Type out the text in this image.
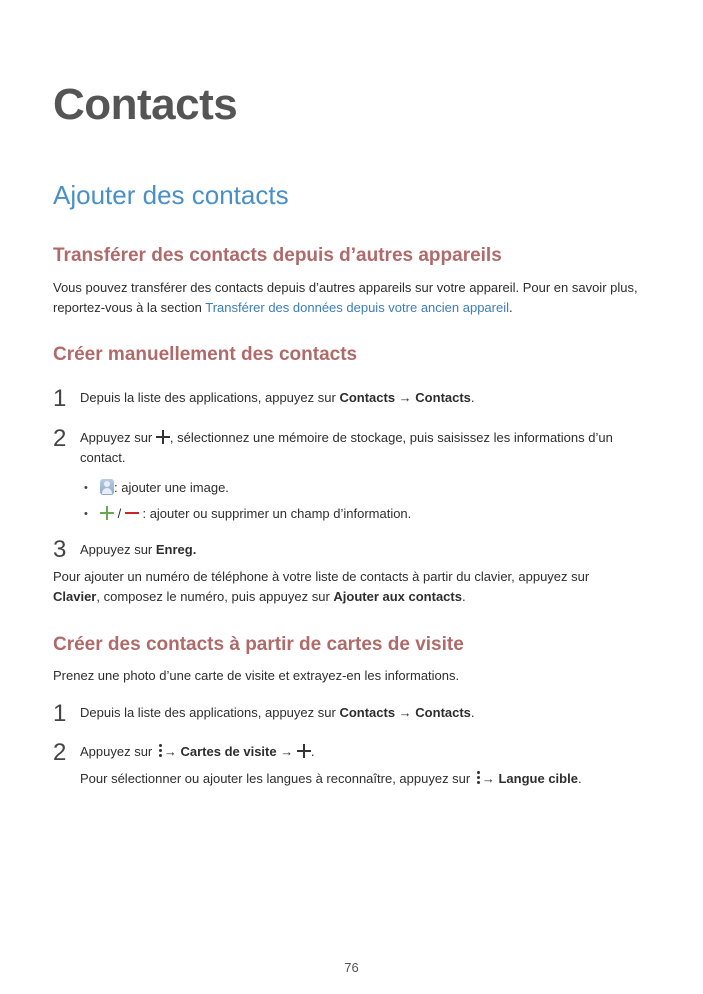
Contacts
Ajouter des contacts
Transférer des contacts depuis d’autres appareils

Vous pouvez transférer des contacts depuis d’autres appareils sur votre appareil. Pour en savoir plus,
reportez-vous à la section Transférer des données depuis votre ancien appareil.

Créer manuellement des contacts
1 Depuis la liste des applications, appuyez sur Contacts → Contacts.

2 Appuyez sur , sélectionnez une mémoire de stockage, puis saisissez les informations d’un
contact.

•	: ajouter une image.

•	/  : ajouter ou supprimer un champ d’information.

3 Appuyez sur Enreg.

Pour ajouter un numéro de téléphone à votre liste de contacts à partir du clavier, appuyez sur
Clavier, composez le numéro, puis appuyez sur Ajouter aux contacts.

Créer des contacts à partir de cartes de visite

Prenez une photo d’une carte de visite et extrayez-en les informations.

1 Depuis la liste des applications, appuyez sur Contacts → Contacts.

2 Appuyez sur
→ Cartes de visite → .

Pour sélectionner ou ajouter les langues à reconnaître, appuyez sur
→ Langue cible.

76
